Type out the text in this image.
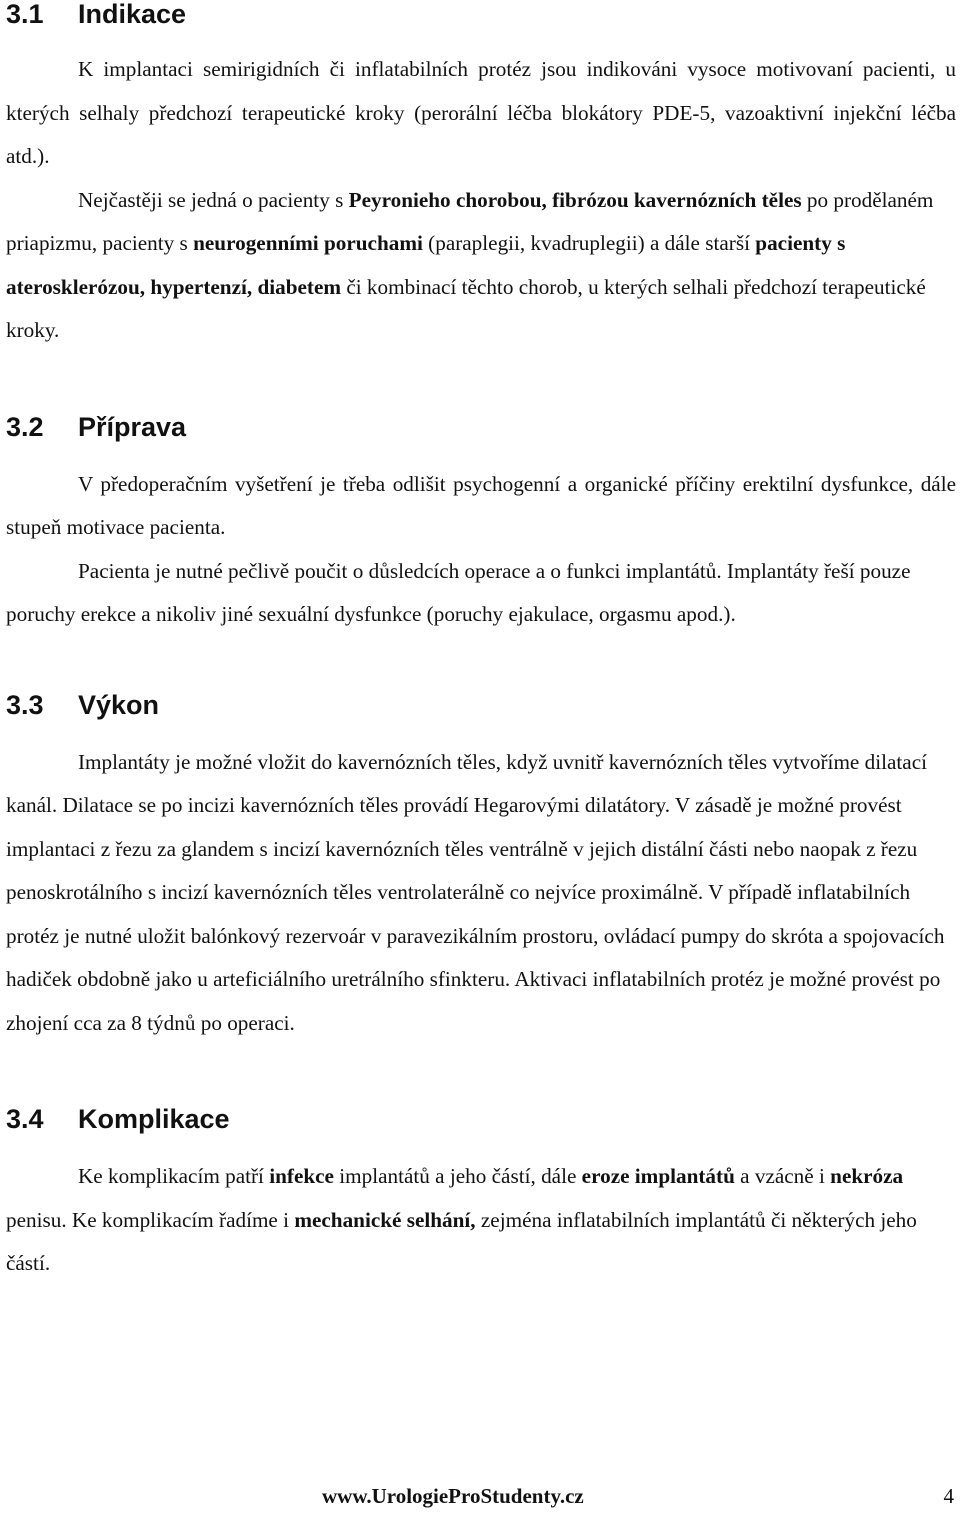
3.1 Indikace

K implantaci semirigidních či inflatabilních protéz jsou indikováni vysoce motivovaní pacienti, u kterých selhaly předchozí terapeutické kroky (perorální léčba blokátory PDE-5, vazoaktivní injekční léčba atd.).

Nejčastěji se jedná o pacienty s Peyronieho chorobou, fibrózou kavernózních těles po prodělaném priapizmu, pacienty s neurogenními poruchami (paraplegii, kvadruplegii) a dále starší pacienty s aterosklerózou, hypertenzí, diabetem či kombinací těchto chorob, u kterých selhali předchozí terapeutické kroky.

3.2 Příprava

V předoperačním vyšetření je třeba odlišit psychogenní a organické příčiny erektilní dysfunkce, dále stupeň motivace pacienta.

Pacienta je nutné pečlivě poučit o důsledcích operace a o funkci implantátů. Implantáty řeší pouze poruchy erekce a nikoliv jiné sexuální dysfunkce (poruchy ejakulace, orgasmu apod.).

3.3 Výkon

Implantáty je možné vložit do kavernózních těles, když uvnitř kavernózních těles vytvoříme dilatací kanál. Dilatace se po incizi kavernózních těles provádí Hegarovými dilatátory. V zásadě je možné provést implantaci z řezu za glandem s incizí kavernózních těles ventrálně v jejich distální části nebo naopak z řezu penoskrotálního s incizí kavernózních těles ventrolaterálně co nejvíce proximálně. V případě inflatabilních protéz je nutné uložit balónkový rezervoár v paravezikálním prostoru, ovládací pumpy do skróta a spojovacích hadiček obdobně jako u arteficiálního uretrálního sfinkteru. Aktivaci inflatabilních protéz je možné provést po zhojení cca za 8 týdnů po operaci.

3.4 Komplikace

Ke komplikacím patří infekce implantátů a jeho částí, dále eroze implantátů a vzácně i nekróza penisu. Ke komplikacím řadíme i mechanické selhání, zejména inflatabilních implantátů či některých jeho částí.

www.UrologieProStudenty.cz	4
